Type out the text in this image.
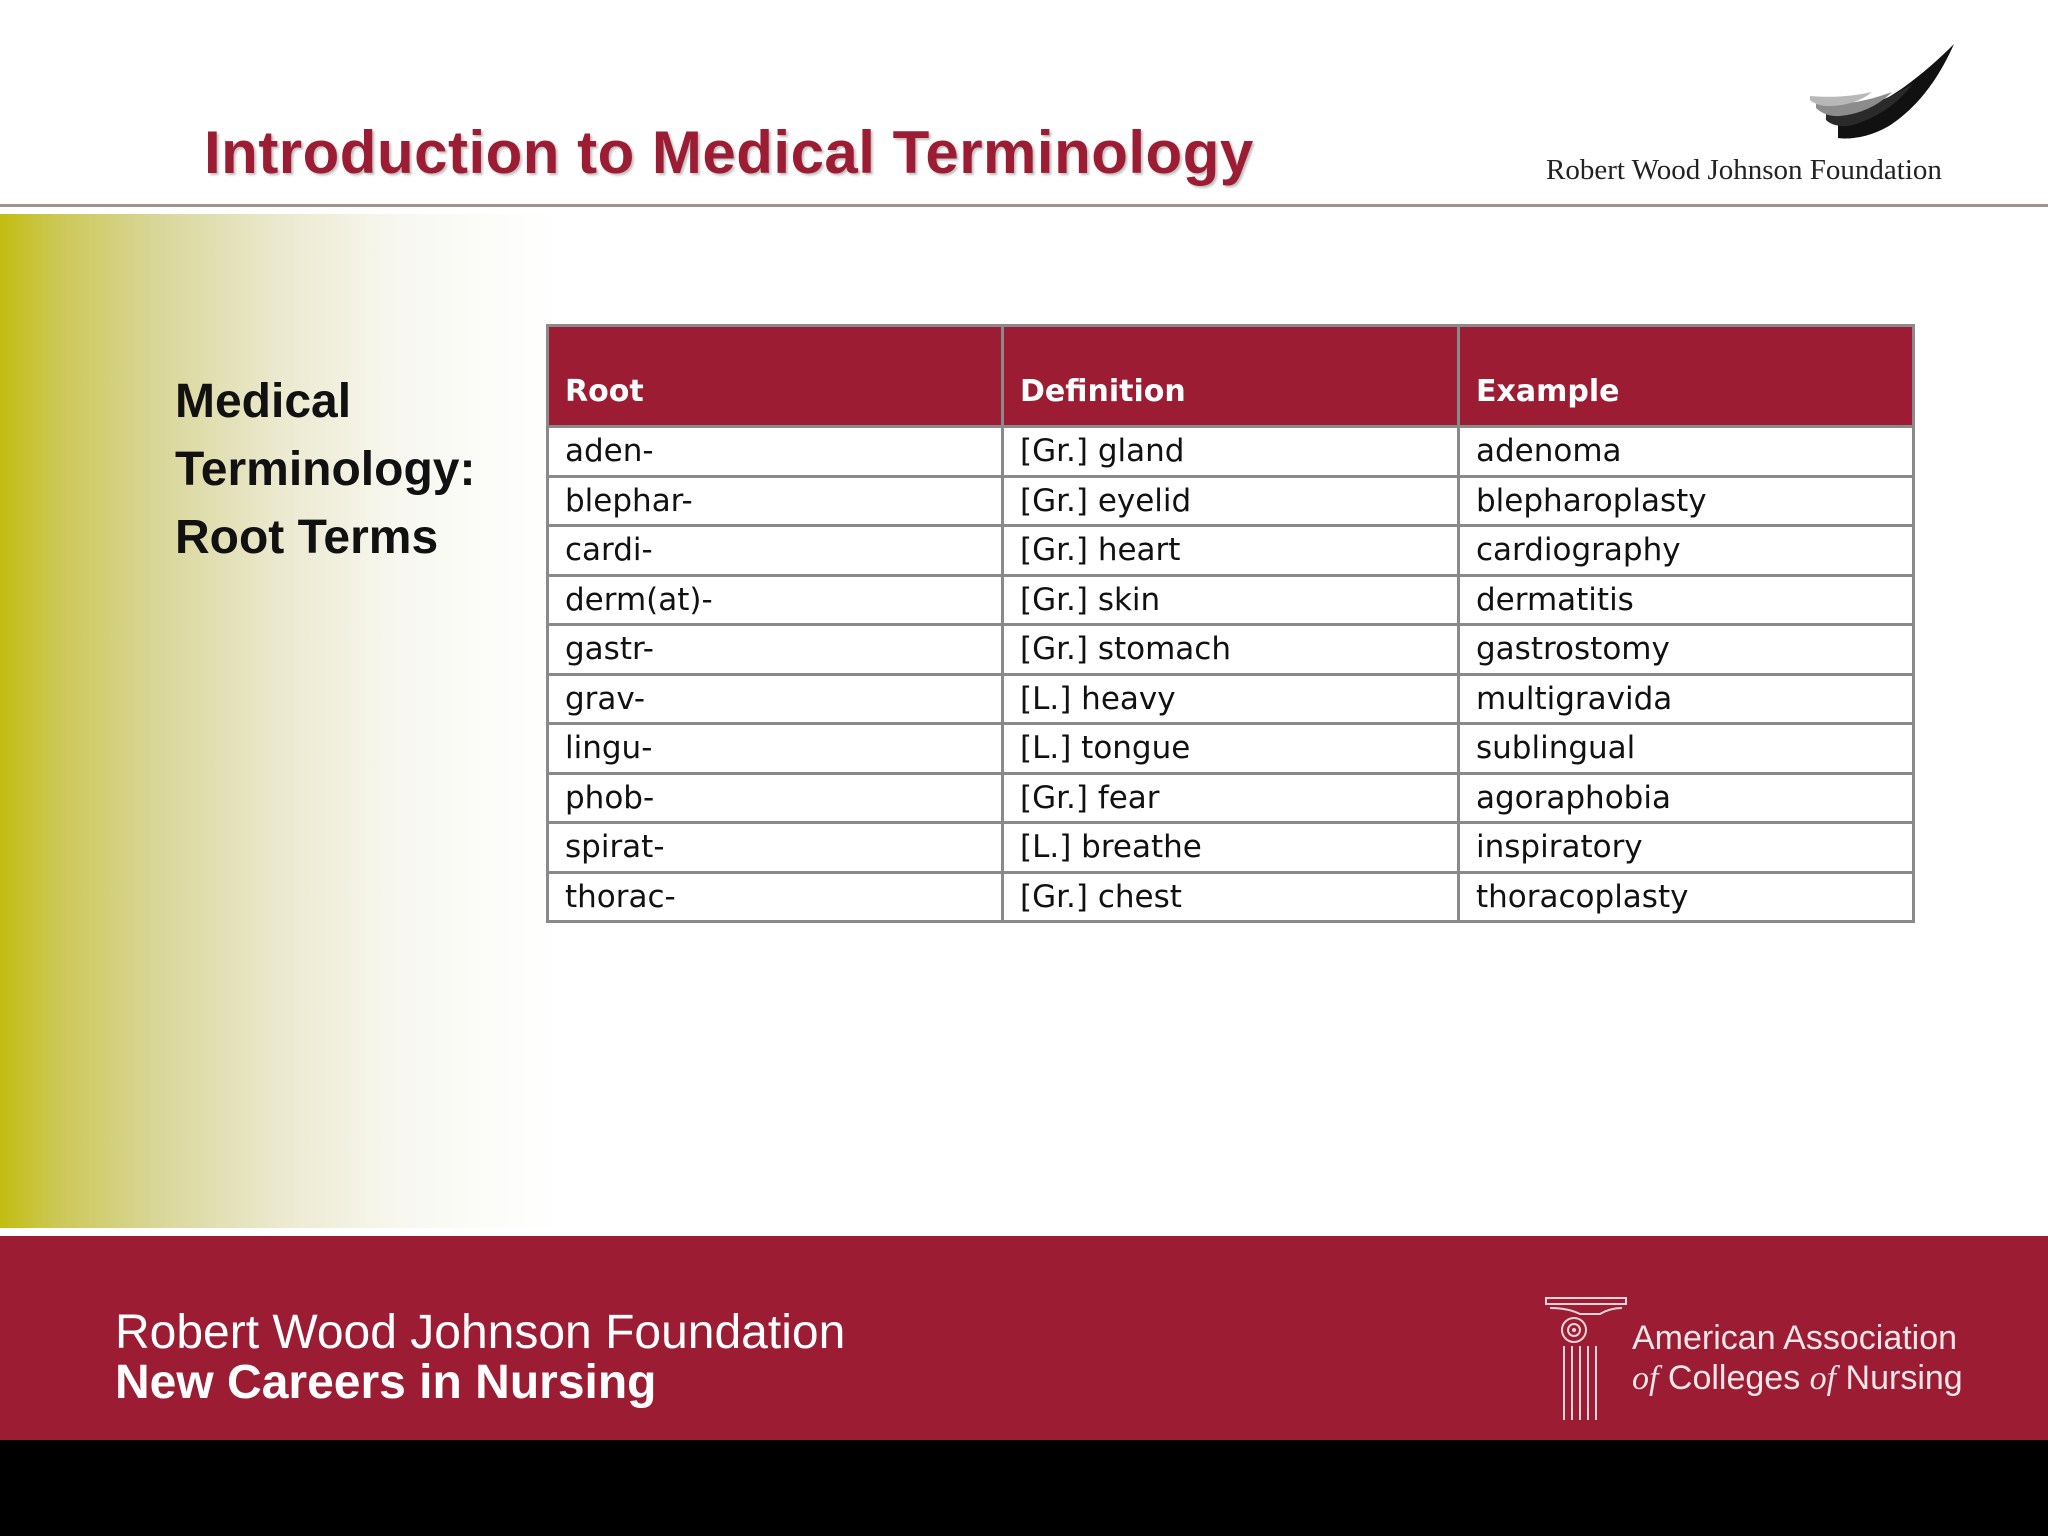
Introduction to Medical Terminology	Robert Wood Johnson Foundation
Medical
Terminology:
Root Terms
Root	Definition	Example
aden-	[Gr.] gland	adenoma
blephar-	[Gr.] eyelid	blepharoplasty
cardi-	[Gr.] heart	cardiography
derm(at)-	[Gr.] skin	dermatitis
gastr-	[Gr.] stomach	gastrostomy
grav-	[L.] heavy	multigravida
lingu-	[L.] tongue	sublingual
phob-	[Gr.] fear	agoraphobia
spirat-	[L.] breathe	inspiratory
thorac-	[Gr.] chest	thoracoplasty
Robert Wood Johnson Foundation
New Careers in Nursing
American Association
of Colleges of Nursing
